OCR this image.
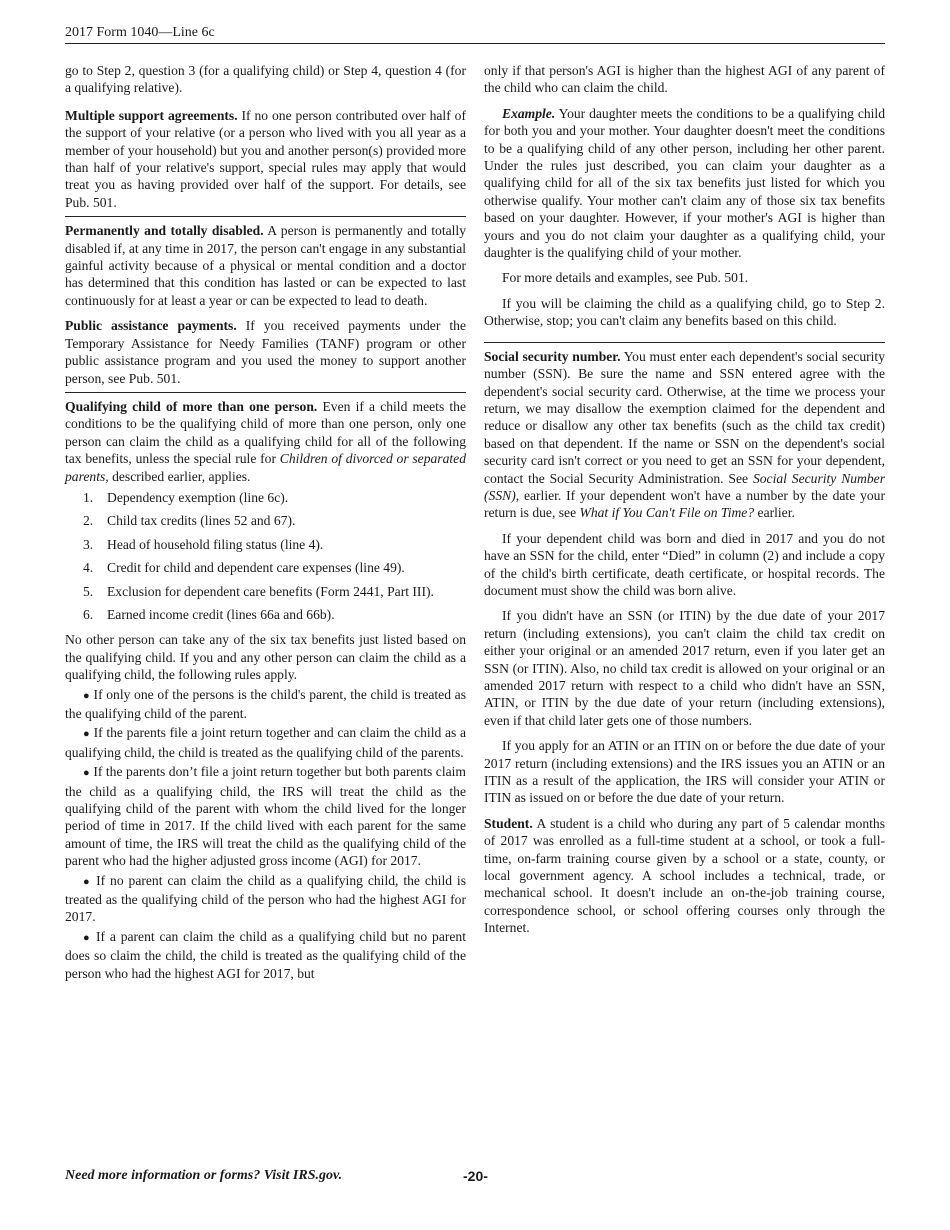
2017 Form 1040—Line 6c

go to Step 2, question 3 (for a qualifying child) or Step 4, question 4 (for a qualifying relative).

Multiple support agreements. If no one person contributed over half of the support of your relative (or a person who lived with you all year as a member of your household) but you and another person(s) provided more than half of your relative's support, special rules may apply that would treat you as having provided over half of the support. For details, see Pub. 501.

Permanently and totally disabled. A person is permanently and totally disabled if, at any time in 2017, the person can't engage in any substantial gainful activity because of a physical or mental condition and a doctor has determined that this condition has lasted or can be expected to last continuously for at least a year or can be expected to lead to death.

Public assistance payments. If you received payments under the Temporary Assistance for Needy Families (TANF) program or other public assistance program and you used the money to support another person, see Pub. 501.

Qualifying child of more than one person. Even if a child meets the conditions to be the qualifying child of more than one person, only one person can claim the child as a qualifying child for all of the following tax benefits, unless the special rule for Children of divorced or separated parents, described earlier, applies.

1. Dependency exemption (line 6c).
2. Child tax credits (lines 52 and 67).
3. Head of household filing status (line 4).
4. Credit for child and dependent care expenses (line 49).
5. Exclusion for dependent care benefits (Form 2441, Part III).
6. Earned income credit (lines 66a and 66b).

No other person can take any of the six tax benefits just listed based on the qualifying child. If you and any other person can claim the child as a qualifying child, the following rules apply.

● If only one of the persons is the child's parent, the child is treated as the qualifying child of the parent.

● If the parents file a joint return together and can claim the child as a qualifying child, the child is treated as the qualifying child of the parents.

● If the parents don’t file a joint return together but both parents claim the child as a qualifying child, the IRS will treat the child as the qualifying child of the parent with whom the child lived for the longer period of time in 2017. If the child lived with each parent for the same amount of time, the IRS will treat the child as the qualifying child of the parent who had the higher adjusted gross income (AGI) for 2017.

● If no parent can claim the child as a qualifying child, the child is treated as the qualifying child of the person who had the highest AGI for 2017.

● If a parent can claim the child as a qualifying child but no parent does so claim the child, the child is treated as the qualifying child of the person who had the highest AGI for 2017, but

only if that person's AGI is higher than the highest AGI of any parent of the child who can claim the child.

Example. Your daughter meets the conditions to be a qualifying child for both you and your mother. Your daughter doesn't meet the conditions to be a qualifying child of any other person, including her other parent. Under the rules just described, you can claim your daughter as a qualifying child for all of the six tax benefits just listed for which you otherwise qualify. Your mother can't claim any of those six tax benefits based on your daughter. However, if your mother's AGI is higher than yours and you do not claim your daughter as a qualifying child, your daughter is the qualifying child of your mother.

For more details and examples, see Pub. 501.

If you will be claiming the child as a qualifying child, go to Step 2. Otherwise, stop; you can't claim any benefits based on this child.

Social security number. You must enter each dependent's social security number (SSN). Be sure the name and SSN entered agree with the dependent's social security card. Otherwise, at the time we process your return, we may disallow the exemption claimed for the dependent and reduce or disallow any other tax benefits (such as the child tax credit) based on that dependent. If the name or SSN on the dependent's social security card isn't correct or you need to get an SSN for your dependent, contact the Social Security Administration. See Social Security Number (SSN), earlier. If your dependent won't have a number by the date your return is due, see What if You Can't File on Time? earlier.

If your dependent child was born and died in 2017 and you do not have an SSN for the child, enter “Died” in column (2) and include a copy of the child's birth certificate, death certificate, or hospital records. The document must show the child was born alive.

If you didn't have an SSN (or ITIN) by the due date of your 2017 return (including extensions), you can't claim the child tax credit on either your original or an amended 2017 return, even if you later get an SSN (or ITIN). Also, no child tax credit is allowed on your original or an amended 2017 return with respect to a child who didn't have an SSN, ATIN, or ITIN by the due date of your return (including extensions), even if that child later gets one of those numbers.

If you apply for an ATIN or an ITIN on or before the due date of your 2017 return (including extensions) and the IRS issues you an ATIN or an ITIN as a result of the application, the IRS will consider your ATIN or ITIN as issued on or before the due date of your return.

Student. A student is a child who during any part of 5 calendar months of 2017 was enrolled as a full-time student at a school, or took a full-time, on-farm training course given by a school or a state, county, or local government agency. A school includes a technical, trade, or mechanical school. It doesn't include an on-the-job training course, correspondence school, or school offering courses only through the Internet.

Need more information or forms? Visit IRS.gov.	-20-
